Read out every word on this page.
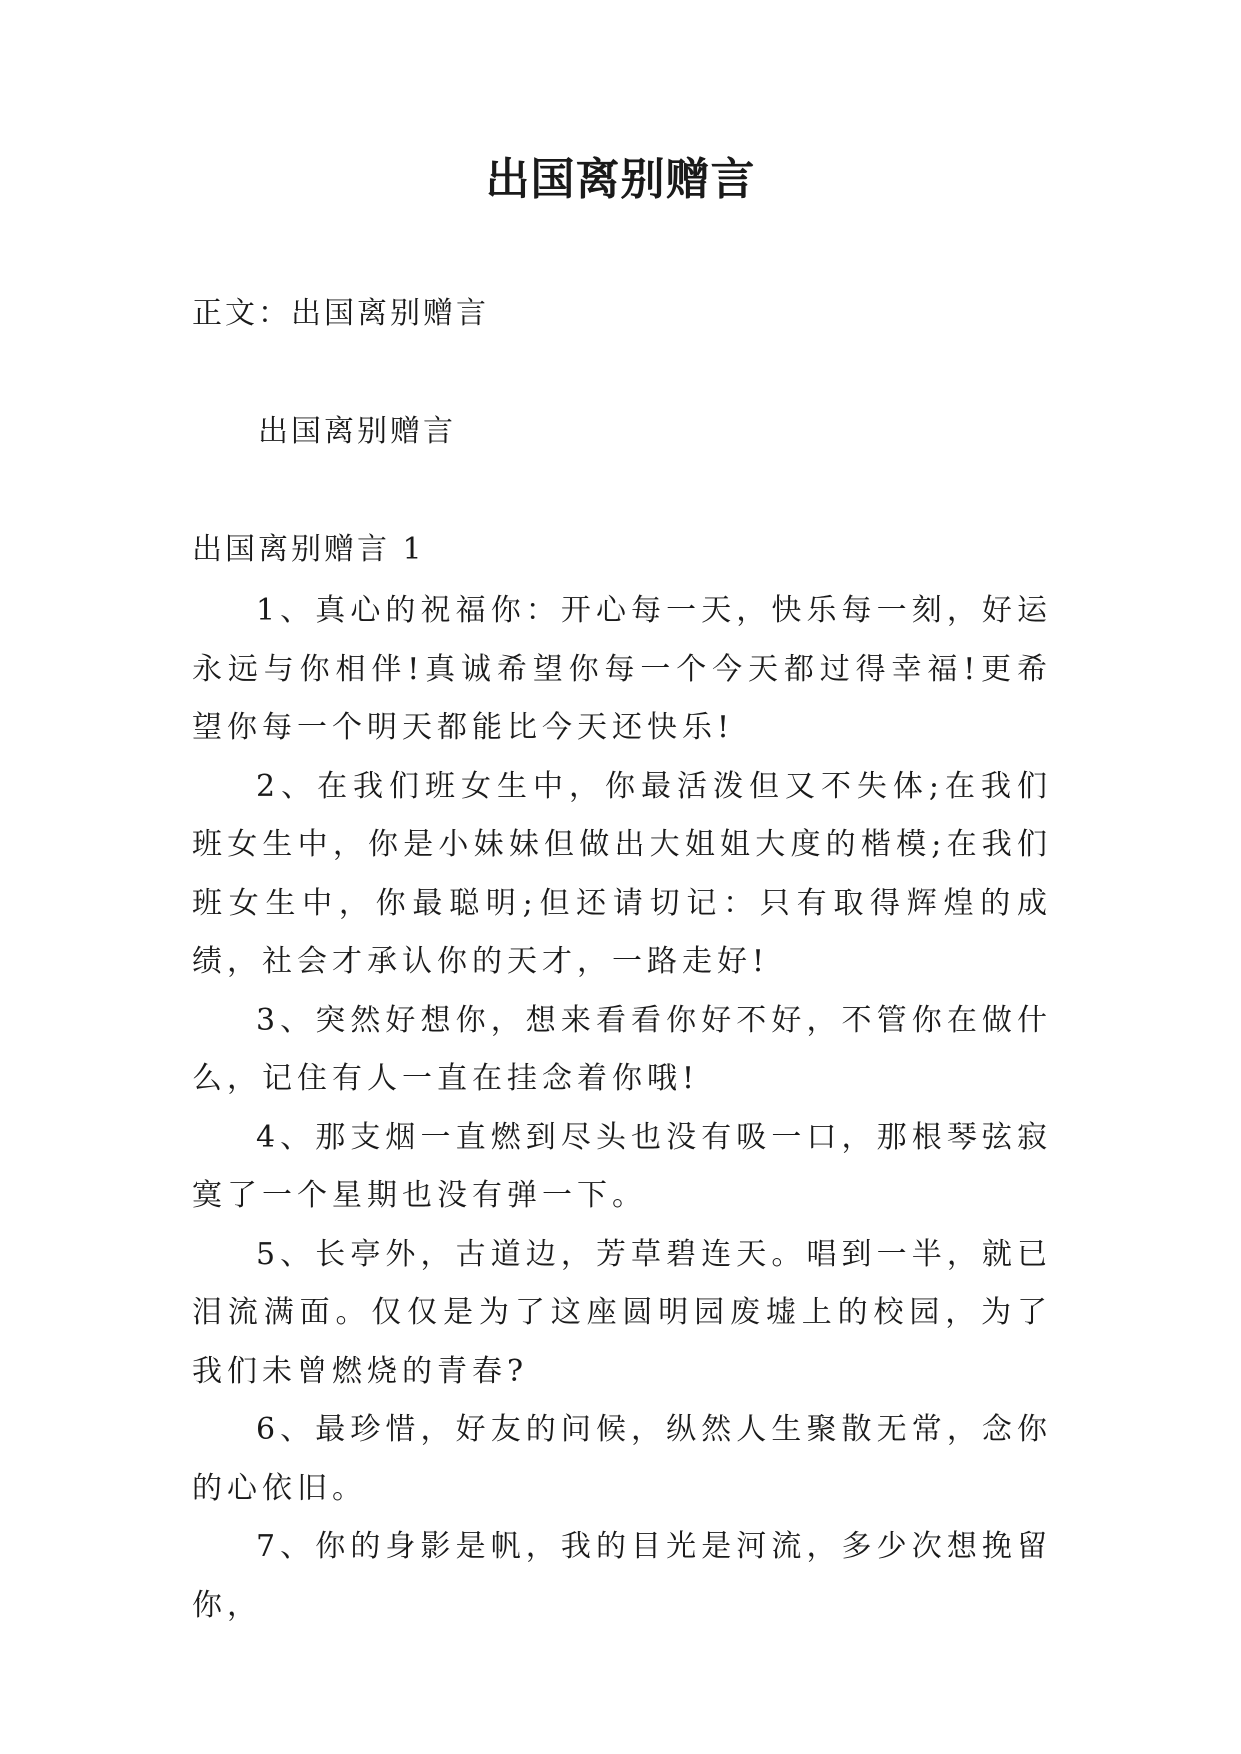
出国离别赠言

正文：出国离别赠言

出国离别赠言

出国离别赠言 1

1、真心的祝福你：开心每一天，快乐每一刻，好运永远与你相伴!真诚希望你每一个今天都过得幸福!更希望你每一个明天都能比今天还快乐!

2、在我们班女生中，你最活泼但又不失体;在我们班女生中，你是小妹妹但做出大姐姐大度的楷模;在我们班女生中，你最聪明;但还请切记：只有取得辉煌的成绩，社会才承认你的天才，一路走好!

3、突然好想你，想来看看你好不好，不管你在做什么，记住有人一直在挂念着你哦!

4、那支烟一直燃到尽头也没有吸一口，那根琴弦寂寞了一个星期也没有弹一下。

5、长亭外，古道边，芳草碧连天。唱到一半，就已泪流满面。仅仅是为了这座圆明园废墟上的校园，为了我们未曾燃烧的青春?

6、最珍惜，好友的问候，纵然人生聚散无常，念你的心依旧。

7、你的身影是帆，我的目光是河流，多少次想挽留你，
